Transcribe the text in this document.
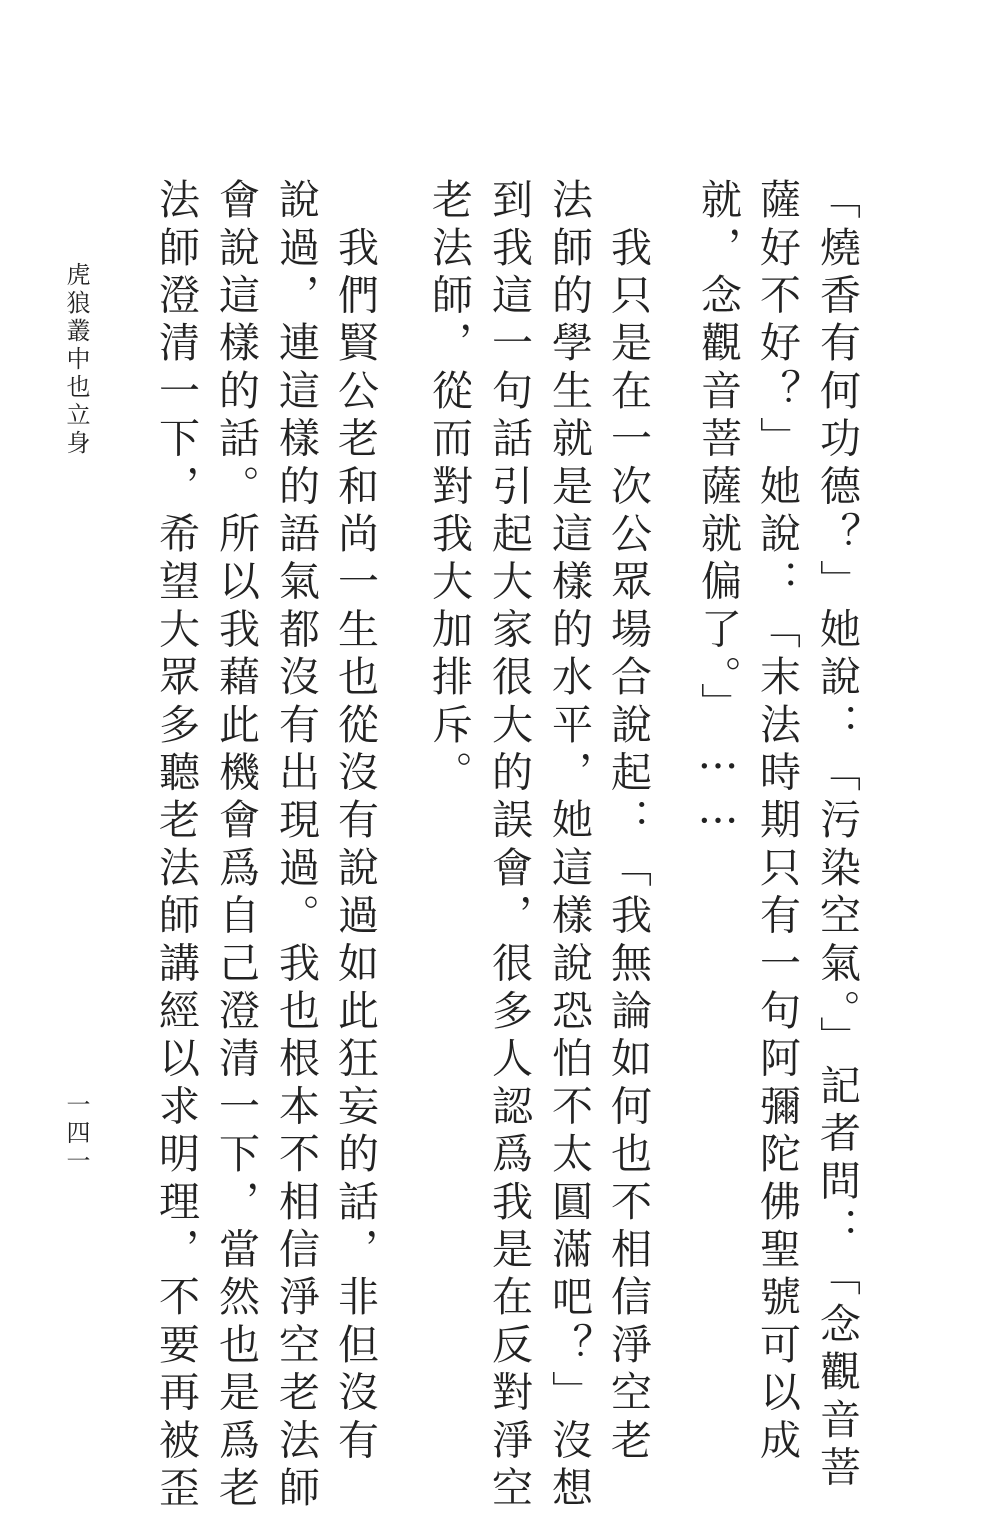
「燒香有何功德？」她說：「污染空氣。」記者問：「念觀音菩
薩好不好？」她說：「末法時期只有一句阿彌陀佛聖號可以成
就，念觀音菩薩就偏了。」……
　我只是在一次公眾場合說起：「我無論如何也不相信淨空老
法師的學生就是這樣的水平，她這樣說恐怕不太圓滿吧？」沒想
到我這一句話引起大家很大的誤會，很多人認爲我是在反對淨空
老法師，從而對我大加排斥。
　我們賢公老和尚一生也從沒有說過如此狂妄的話，非但沒有
說過，連這樣的語氣都沒有出現過。我也根本不相信淨空老法師
會說這樣的話。所以我藉此機會爲自己澄清一下，當然也是爲老
法師澄清一下，希望大眾多聽老法師講經以求明理，不要再被歪
虎狼叢中也立身
一四一
